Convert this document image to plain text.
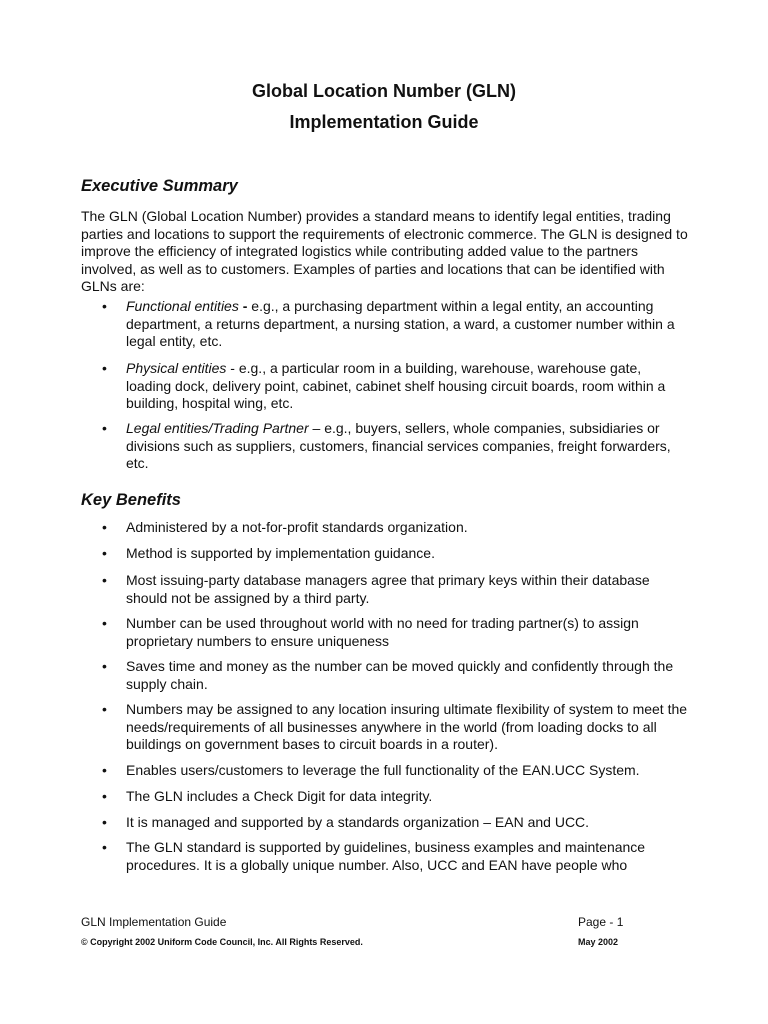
Global Location Number (GLN)
Implementation Guide
Executive Summary
The GLN (Global Location Number) provides a standard means to identify legal entities, trading parties and locations to support the requirements of electronic commerce. The GLN is designed to improve the efficiency of integrated logistics while contributing added value to the partners involved, as well as to customers. Examples of parties and locations that can be identified with GLNs are:
• Functional entities - e.g., a purchasing department within a legal entity, an accounting department, a returns department, a nursing station, a ward, a customer number within a legal entity, etc.
• Physical entities - e.g., a particular room in a building, warehouse, warehouse gate, loading dock, delivery point, cabinet, cabinet shelf housing circuit boards, room within a building, hospital wing, etc.
• Legal entities/Trading Partner – e.g., buyers, sellers, whole companies, subsidiaries or divisions such as suppliers, customers, financial services companies, freight forwarders, etc.
Key Benefits
• Administered by a not-for-profit standards organization.
• Method is supported by implementation guidance.
• Most issuing-party database managers agree that primary keys within their database should not be assigned by a third party.
• Number can be used throughout world with no need for trading partner(s) to assign proprietary numbers to ensure uniqueness
• Saves time and money as the number can be moved quickly and confidently through the supply chain.
• Numbers may be assigned to any location insuring ultimate flexibility of system to meet the needs/requirements of all businesses anywhere in the world (from loading docks to all buildings on government bases to circuit boards in a router).
• Enables users/customers to leverage the full functionality of the EAN.UCC System.
• The GLN includes a Check Digit for data integrity.
• It is managed and supported by a standards organization – EAN and UCC.
• The GLN standard is supported by guidelines, business examples and maintenance procedures. It is a globally unique number. Also, UCC and EAN have people who
GLN Implementation Guide	Page - 1
© Copyright 2002 Uniform Code Council, Inc. All Rights Reserved.	May 2002
